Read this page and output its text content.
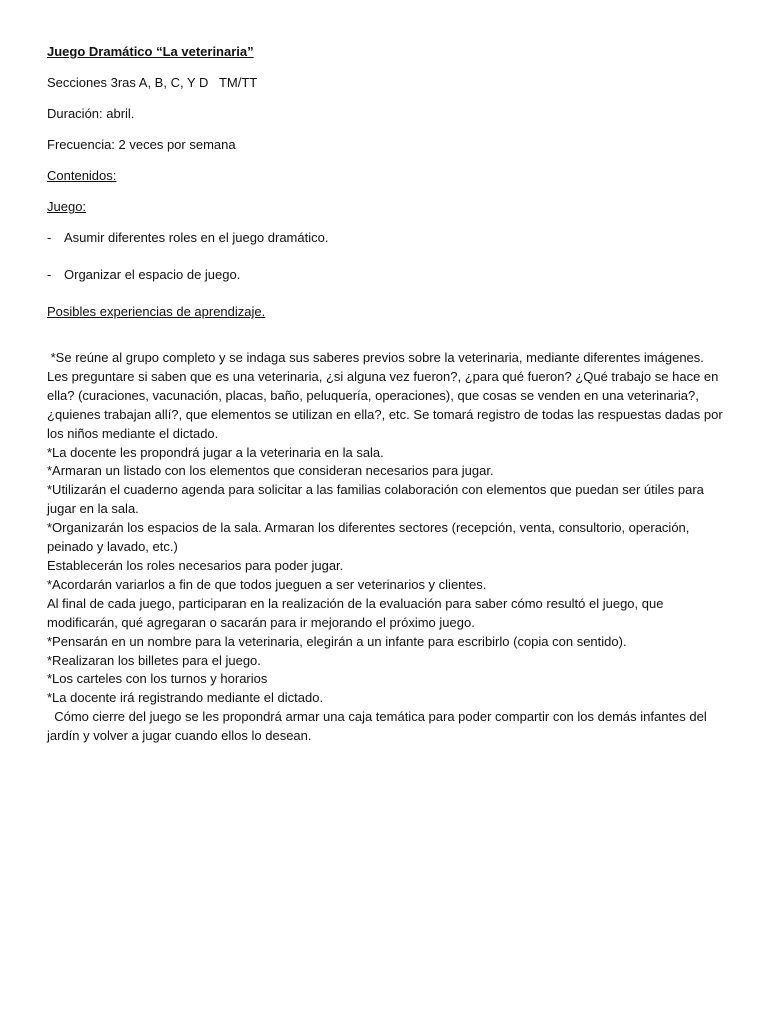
Juego Dramático “La veterinaria”
Secciones 3ras A, B, C, Y D   TM/TT
Duración: abril.
Frecuencia: 2 veces por semana
Contenidos:
Juego:
- Asumir diferentes roles en el juego dramático.
- Organizar el espacio de juego.
Posibles experiencias de aprendizaje.

*Se reúne al grupo completo y se indaga sus saberes previos sobre la veterinaria, mediante diferentes imágenes. Les preguntare si saben que es una veterinaria, ¿si alguna vez fueron?, ¿para qué fueron? ¿Qué trabajo se hace en ella? (curaciones, vacunación, placas, baño, peluquería, operaciones), que cosas se venden en una veterinaria?, ¿quienes trabajan allí?, que elementos se utilizan en ella?, etc. Se tomará registro de todas las respuestas dadas por los niños mediante el dictado.

*La docente les propondrá jugar a la veterinaria en la sala.

*Armaran un listado con los elementos que consideran necesarios para jugar.

*Utilizarán el cuaderno agenda para solicitar a las familias colaboración con elementos que puedan ser útiles para jugar en la sala.

*Organizarán los espacios de la sala. Armaran los diferentes sectores (recepción, venta, consultorio, operación, peinado y lavado, etc.)

Establecerán los roles necesarios para poder jugar.

*Acordarán variarlos a fin de que todos jueguen a ser veterinarios y clientes.

Al final de cada juego, participaran en la realización de la evaluación para saber cómo resultó el juego, que modificarán, qué agregaran o sacarán para ir mejorando el próximo juego.

*Pensarán en un nombre para la veterinaria, elegirán a un infante para escribirlo (copia con sentido).

*Realizaran los billetes para el juego.

*Los carteles con los turnos y horarios

*La docente irá registrando mediante el dictado.

Cómo cierre del juego se les propondrá armar una caja temática para poder compartir con los demás infantes del jardín y volver a jugar cuando ellos lo desean.
